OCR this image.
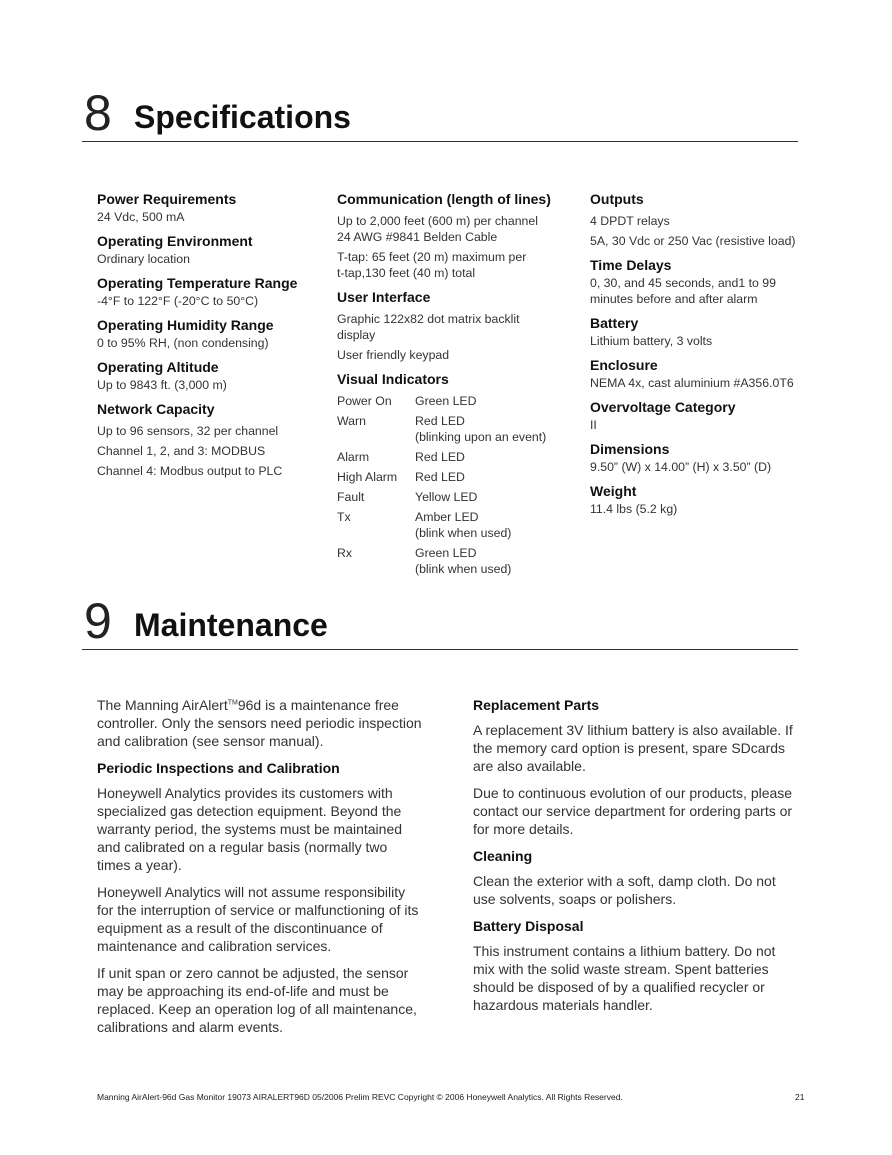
8 Specifications
Power Requirements
24 Vdc, 500 mA
Operating Environment
Ordinary location
Operating Temperature Range
-4°F to 122°F (-20°C to 50°C)
Operating Humidity Range
0 to 95% RH, (non condensing)
Operating Altitude
Up to 9843 ft. (3,000 m)
Network Capacity
Up to 96 sensors, 32 per channel
Channel 1, 2, and 3: MODBUS
Channel 4: Modbus output to PLC
Communication (length of lines)
Up to 2,000 feet (600 m) per channel
24 AWG #9841 Belden Cable
T-tap: 65 feet (20 m) maximum per
t-tap,130 feet (40 m) total
User Interface
Graphic 122x82 dot matrix backlit
display
User friendly keypad
Visual Indicators
Power On	Green LED
Warn	Red LED
(blinking upon an event)
Alarm	Red LED
High Alarm	Red LED
Fault	Yellow LED
Tx	Amber LED
(blink when used)
Rx	Green LED
(blink when used)
Outputs
4 DPDT relays
5A, 30 Vdc or 250 Vac (resistive load)
Time Delays
0, 30, and 45 seconds, and1 to 99
minutes before and after alarm
Battery
Lithium battery, 3 volts
Enclosure
NEMA 4x, cast aluminium #A356.0T6
Overvoltage Category
II
Dimensions
9.50” (W) x 14.00” (H) x 3.50” (D)
Weight
11.4 lbs (5.2 kg)
9 Maintenance

The Manning AirAlert™96d is a maintenance free controller. Only the sensors need periodic inspection and calibration (see sensor manual).

Periodic Inspections and Calibration

Honeywell Analytics provides its customers with specialized gas detection equipment. Beyond the warranty period, the systems must be maintained and calibrated on a regular basis (normally two times a year).

Honeywell Analytics will not assume responsibility for the interruption of service or malfunctioning of its equipment as a result of the discontinuance of maintenance and calibration services.

If unit span or zero cannot be adjusted, the sensor may be approaching its end-of-life and must be replaced. Keep an operation log of all maintenance, calibrations and alarm events.

Replacement Parts

A replacement 3V lithium battery is also available. If the memory card option is present, spare SDcards are also available.

Due to continuous evolution of our products, please contact our service department for ordering parts or for more details.

Cleaning

Clean the exterior with a soft, damp cloth. Do not use solvents, soaps or polishers.

Battery Disposal

This instrument contains a lithium battery. Do not mix with the solid waste stream. Spent batteries should be disposed of by a qualified recycler or hazardous materials handler.

Manning AirAlert-96d Gas Monitor 19073 AIRALERT96D 05/2006 Prelim REVC Copyright © 2006 Honeywell Analytics. All Rights Reserved.	21
